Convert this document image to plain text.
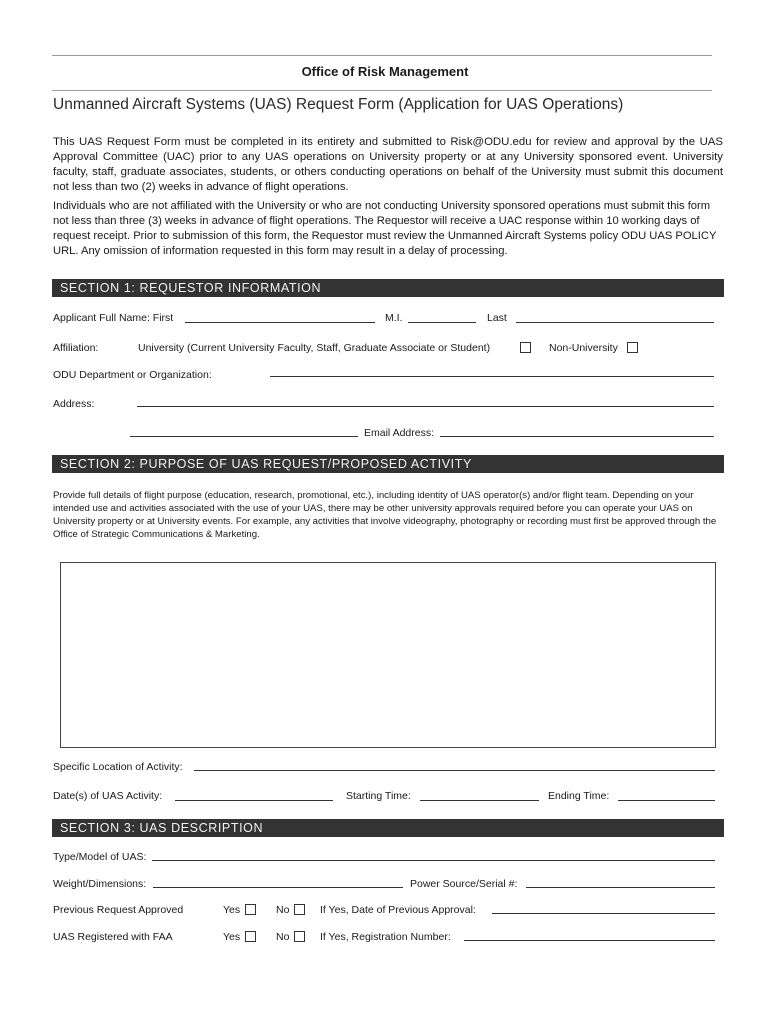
Office of Risk Management
Unmanned Aircraft Systems (UAS) Request Form (Application for UAS Operations)
This UAS Request Form must be completed in its entirety and submitted to Risk@ODU.edu for review and approval by the UAS Approval Committee (UAC) prior to any UAS operations on University property or at any University sponsored event. University faculty, staff, graduate associates, students, or others conducting operations on behalf of the University must submit this document not less than two (2) weeks in advance of flight operations.
Individuals who are not affiliated with the University or who are not conducting University sponsored operations must submit this form not less than three (3) weeks in advance of flight operations. The Requestor will receive a UAC response within 10 working days of request receipt. Prior to submission of this form, the Requestor must review the Unmanned Aircraft Systems policy ODU UAS POLICY URL. Any omission of information requested in this form may result in a delay of processing.
SECTION 1: REQUESTOR INFORMATION
Applicant Full Name: First	M.I.	Last
Affiliation:	University (Current University Faculty, Staff, Graduate Associate or Student)	Non-University
ODU Department or Organization:
Address:
Email Address:
SECTION 2: PURPOSE OF UAS REQUEST/PROPOSED ACTIVITY
Provide full details of flight purpose (education, research, promotional, etc.), including identity of UAS operator(s) and/or flight team. Depending on your intended use and activities associated with the use of your UAS, there may be other university approvals required before you can operate your UAS on University property or at University events. For example, any activities that involve videography, photography or recording must first be approved through the Office of Strategic Communications & Marketing.
Specific Location of Activity:
Date(s) of UAS Activity:	Starting Time:	Ending Time:
SECTION 3: UAS DESCRIPTION
Type/Model of UAS:
Weight/Dimensions:	Power Source/Serial #:
Previous Request Approved	Yes	No	If Yes, Date of Previous Approval:
UAS Registered with FAA	Yes	No	If Yes, Registration Number:
